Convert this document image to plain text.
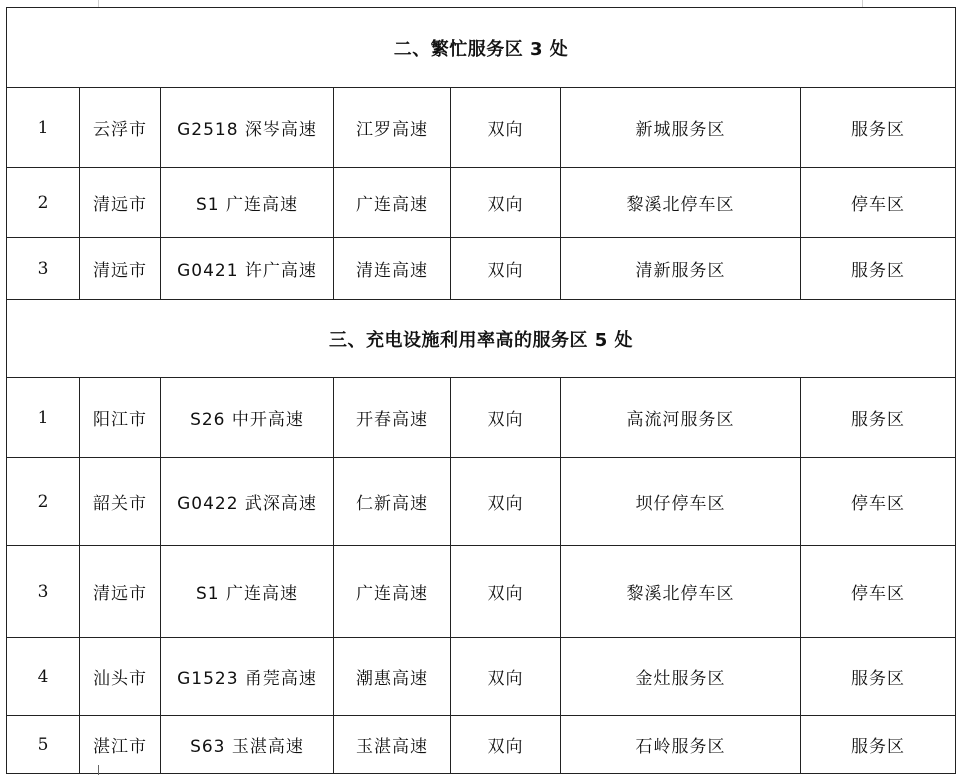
二、繁忙服务区 3 处						
1	云浮市	G2518 深岑高速	江罗高速	双向	新城服务区	服务区
2	清远市	S1 广连高速	广连高速	双向	黎溪北停车区	停车区
3	清远市	G0421 许广高速	清连高速	双向	清新服务区	服务区
三、充电设施利用率高的服务区 5 处						
1	阳江市	S26 中开高速	开春高速	双向	高流河服务区	服务区
2	韶关市	G0422 武深高速	仁新高速	双向	坝仔停车区	停车区
3	清远市	S1 广连高速	广连高速	双向	黎溪北停车区	停车区
4	汕头市	G1523 甬莞高速	潮惠高速	双向	金灶服务区	服务区
5	湛江市	S63 玉湛高速	玉湛高速	双向	石岭服务区	服务区
